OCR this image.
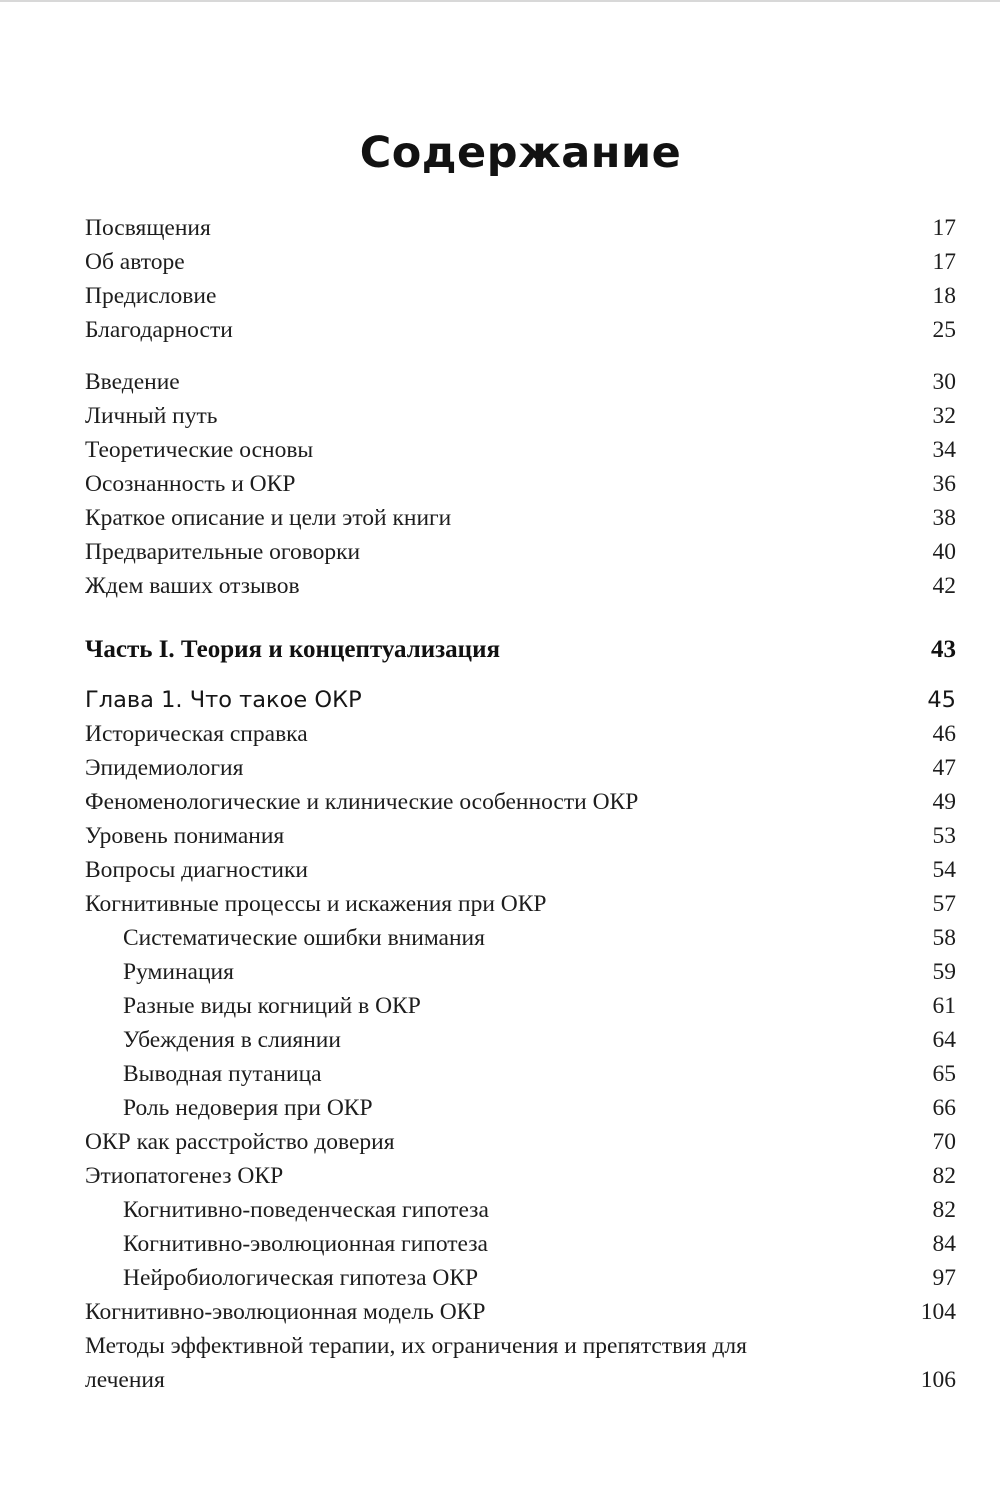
Содержание
Посвящения	17
Об авторе	17
Предисловие	18
Благодарности	25
Введение	30
Личный путь	32
Теоретические основы	34
Осознанность и ОКР	36
Краткое описание и цели этой книги	38
Предварительные оговорки	40
Ждем ваших отзывов	42
Часть I. Теория и концептуализация	43
Глава 1. Что такое ОКР	45
Историческая справка	46
Эпидемиология	47
Феноменологические и клинические особенности ОКР	49
Уровень понимания	53
Вопросы диагностики	54
Когнитивные процессы и искажения при ОКР	57
Систематические ошибки внимания	58
Руминация	59
Разные виды когниций в ОКР	61
Убеждения в слиянии	64
Выводная путаница	65
Роль недоверия при ОКР	66
ОКР как расстройство доверия	70
Этиопатогенез ОКР	82
Когнитивно-поведенческая гипотеза	82
Когнитивно-эволюционная гипотеза	84
Нейробиологическая гипотеза ОКР	97
Когнитивно-эволюционная модель ОКР	104
Методы эффективной терапии, их ограничения и препятствия для лечения	106
